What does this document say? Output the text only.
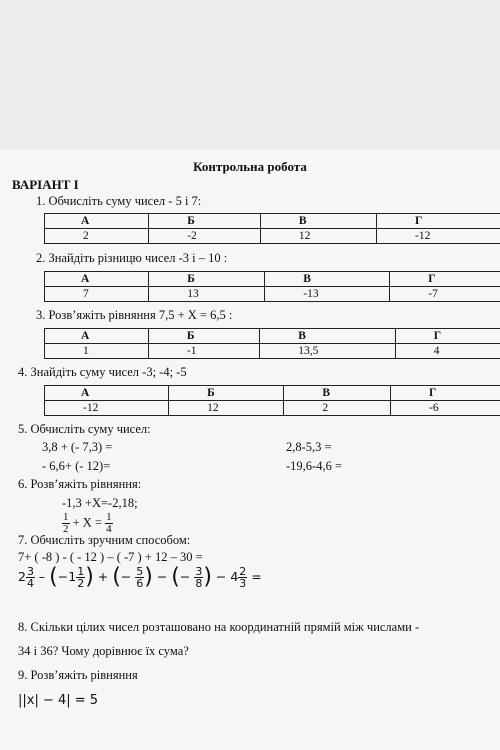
Контрольна робота
ВАРІАНТ І
1. Обчисліть суму чисел - 5 і 7:
А	Б	В	Г
2	-2	12	-12
2. Знайдіть різницю чисел -3 і – 10 :
А	Б	В	Г
7	13	-13	-7
3. Розв’яжіть рівняння 7,5 + Х = 6,5 :
А	Б	В	Г
1	-1	13,5	4
4. Знайдіть суму чисел -3; -4; -5
А	Б	В	Г
-12	12	2	-6
5. Обчисліть суму чисел:
3,8 + (- 7,3) =	2,8-5,3 =
- 6,6+ (- 12)=	-19,6-4,6 =
6. Розв’яжіть рівняння:
-1,3 +Х=-2,18;
$\frac{1}{2} + Х = \frac{1}{4}$
7. Обчисліть зручним способом:
7+ ( -8 ) - ( - 12 ) – ( -7 ) + 12 – 30 =
$2 \frac{3}{4} - (-1 \frac{1}{2}$ ) + (− $\frac{5}{6}$ ) − (− $\frac{3}{8}$ ) − $4 \frac{2}{3}$ =
8. Скільки цілих чисел розташовано на координатній прямій між числами -
34 і 36? Чому дорівнює їх сума?
9. Розв’яжіть рівняння
||x| − 4| = 5
